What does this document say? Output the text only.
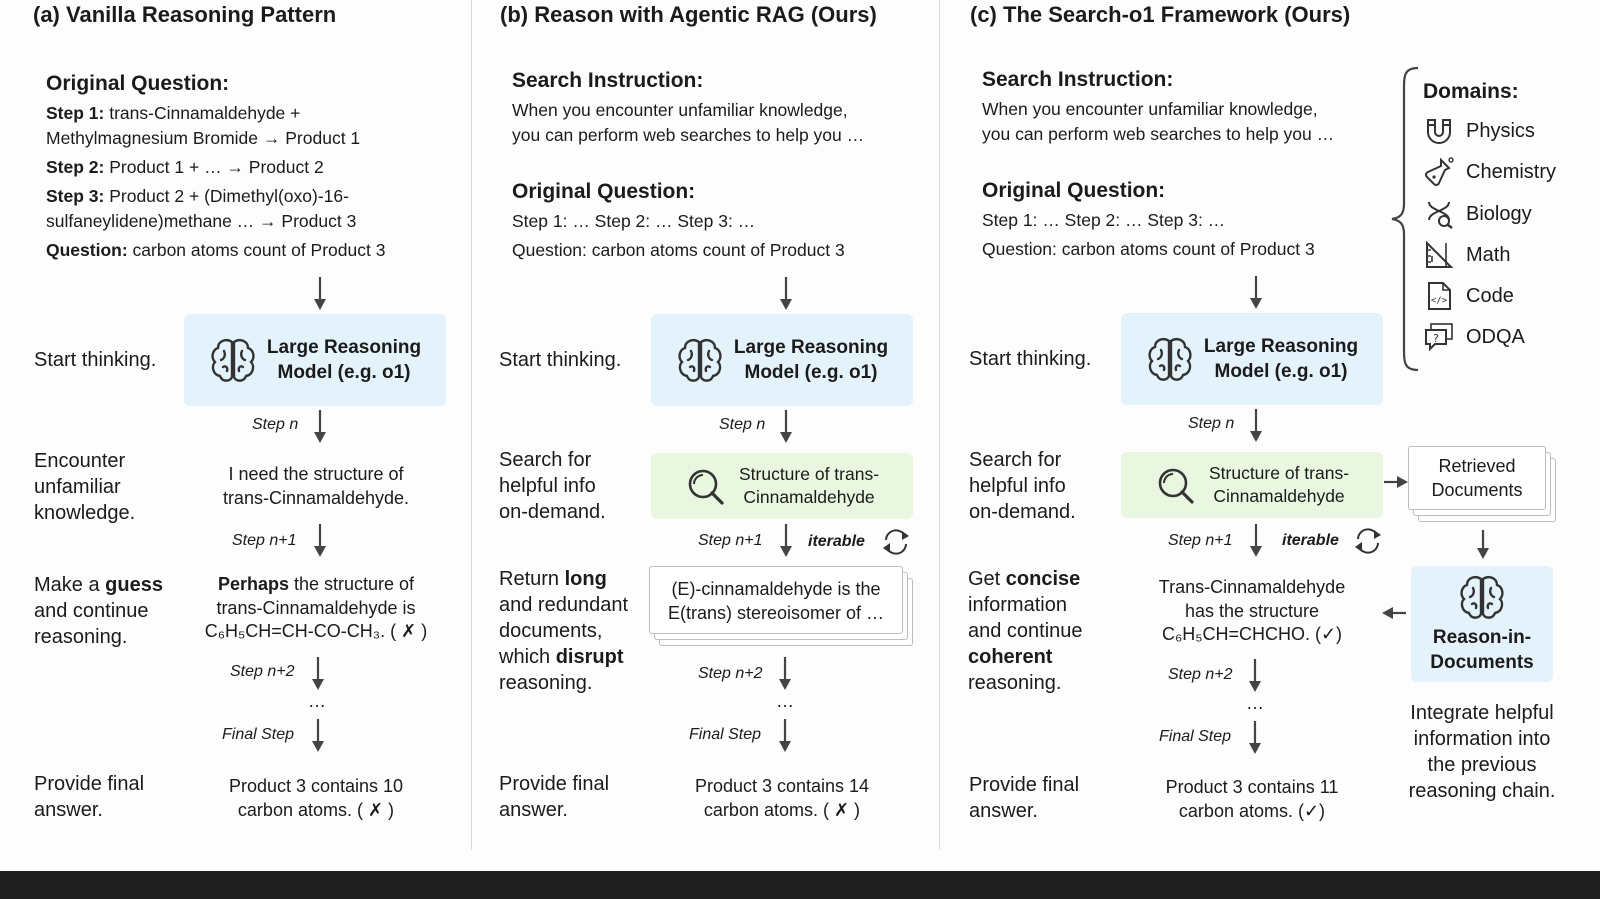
(a) Vanilla Reasoning Pattern
Original Question:
Step 1: trans-Cinnamaldehyde +
Methylmagnesium Bromide → Product 1
Step 2: Product 1 + … → Product 2
Step 3: Product 2 + (Dimethyl(oxo)-16-
sulfaneylidene)methane … → Product 3
Question: carbon atoms count of Product 3
Start thinking.
Large Reasoning
Model (e.g. o1)
Step n
Encounter
unfamiliar
knowledge.
I need the structure of
trans-Cinnamaldehyde.
Step n+1
Make a guess
and continue
reasoning.
Perhaps the structure of
trans-Cinnamaldehyde is
C₆H₅CH=CH-CO-CH₃. ( ✗ )
Step n+2
…
Final Step
Provide final
answer.
Product 3 contains 10
carbon atoms. ( ✗ )
(b) Reason with Agentic RAG (Ours)
Search Instruction:
When you encounter unfamiliar knowledge,
you can perform web searches to help you …
Original Question:
Step 1: … Step 2: … Step 3: …
Question: carbon atoms count of Product 3
Start thinking.
Large Reasoning
Model (e.g. o1)
Step n
Search for
helpful info
on-demand.
Structure of trans-
Cinnamaldehyde
Step n+1	iterable
Return long
and redundant
documents,
which disrupt
reasoning.
(E)-cinnamaldehyde is the
E(trans) stereoisomer of …
Step n+2
…
Final Step
Provide final
answer.
Product 3 contains 14
carbon atoms. ( ✗ )
(c) The Search-o1 Framework (Ours)
Search Instruction:
When you encounter unfamiliar knowledge,
you can perform web searches to help you …
Original Question:
Step 1: … Step 2: … Step 3: …
Question: carbon atoms count of Product 3
Domains:
Physics
Chemistry
Biology
Math
</> Code
? ODQA
Start thinking.
Large Reasoning
Model (e.g. o1)
Step n
Search for
helpful info
on-demand.
Structure of trans-
Cinnamaldehyde
Retrieved
Documents
Step n+1	iterable
Get concise
information
and continue
coherent
reasoning.
Trans-Cinnamaldehyde
has the structure
C₆H₅CH=CHCHO. (✓)	Reason-in-
Documents
Integrate helpful
information into
the previous
reasoning chain.
Step n+2
…
Final Step
Provide final
answer.
Product 3 contains 11
carbon atoms. (✓)
